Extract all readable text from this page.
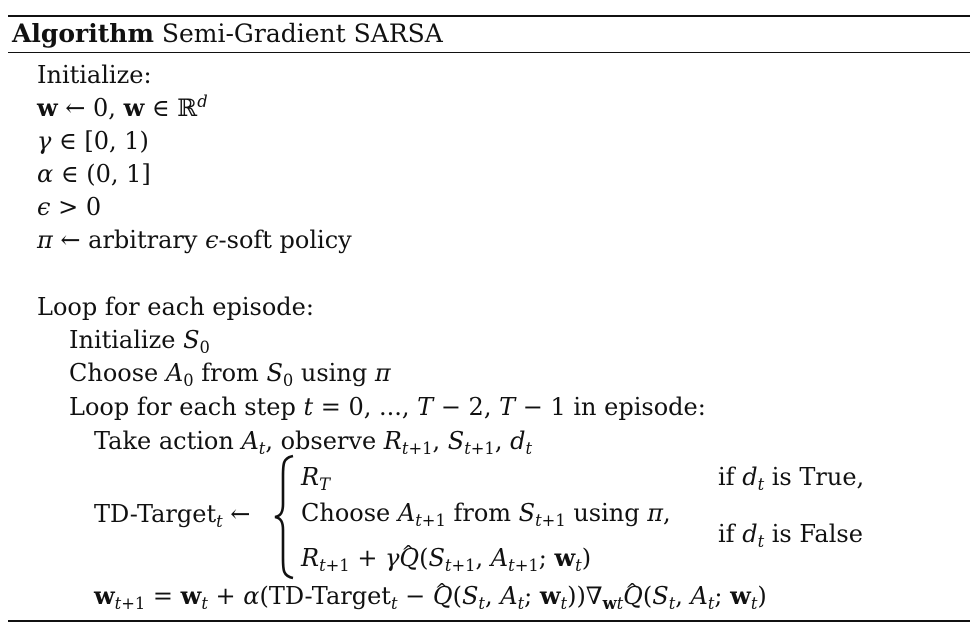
Algorithm Semi-Gradient SARSA
Initialize:
w ← 0, w ∈ ℝ$^d$
γ ∈ [0, 1)
α ∈ (0, 1]
ϵ > 0
π ← arbitrary ϵ-soft policy
Loop for each episode:
Initialize $S_0$
Choose $A_0$ from $S_0$ using π
Loop for each step t = 0, ..., T − 2, T − 1 in episode:
Take action $A_t$, observe $R_{t+1}$, $S_{t+1}$, $d_t$
TD-Target$_t$ ←
$R_T$	if $d_t$ is True,
Choose $A_{t+1}$ from $S_{t+1}$ using π,
if $d_t$ is False
$R_{t+1}$ + γ^ $Q(S_{t+1}$, $A_{t+1}$; $w_t$)
$w_{t+1} = w_t$ + α(TD-Target$_t$ − ^ $Q(S_t$, $A_t$; $w_t))\nabla_{wt}\^{}$ $Q(S_t$, $A_t$; $w_t$)
